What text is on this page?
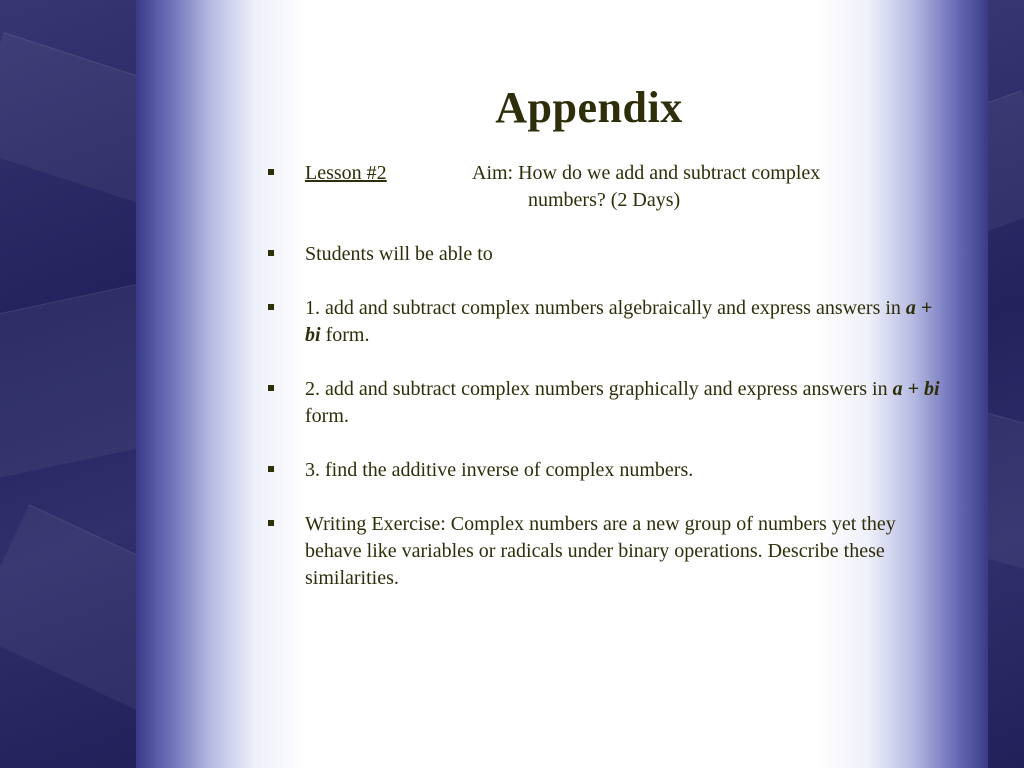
Appendix
Lesson #2	Aim: How do we add and subtract complex
numbers? (2 Days)
Students will be able to
1. add and subtract complex numbers algebraically and express answers in a + bi form.
2. add and subtract complex numbers graphically and express answers in a + bi form.
3. find the additive inverse of complex numbers.
Writing Exercise: Complex numbers are a new group of numbers yet they behave like variables or radicals under binary operations. Describe these similarities.
